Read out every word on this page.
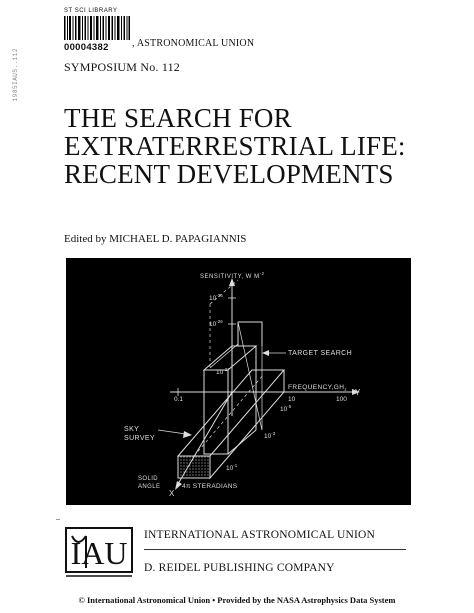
ST SCI LIBRARY
00004382
1985IAUS..112
, ASTRONOMICAL UNION
SYMPOSIUM No. 112
THE SEARCH FOR
EXTRATERRESTRIAL LIFE:
RECENT DEVELOPMENTS
Edited by MICHAEL D. PAPAGIANNIS
SENSITIVITY, W $M^{-2}$
$10^{-25}$
$10^{-26}$
$10^{-27}$
$FREQUENCY,GH_z$ Y
0.1	10	100
X
TARGET SEARCH
SKY SURVEY
$10^{-5}$
$10^{-3}$
$10^{-1}$
SOLID ANGLE	4π STERADIANS
IAU INTERNATIONAL ASTRONOMICAL UNION
D. REIDEL PUBLISHING COMPANY
© International Astronomical Union • Provided by the NASA Astrophysics Data System
